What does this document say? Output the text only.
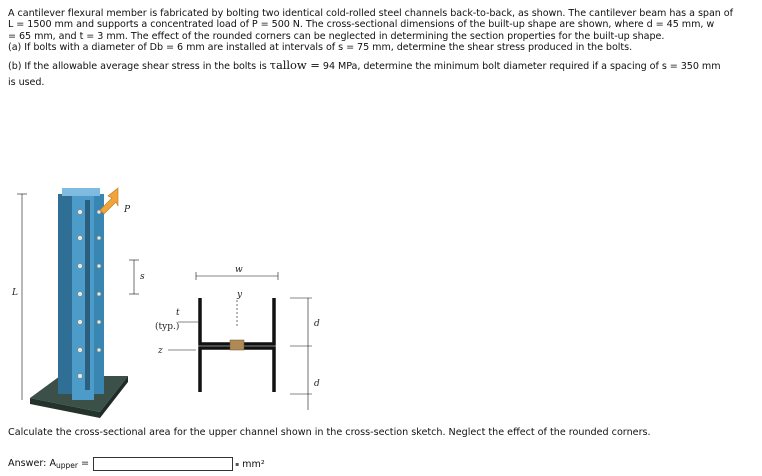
A cantilever flexural member is fabricated by bolting two identical cold-rolled steel channels back-to-back, as shown. The cantilever beam has a span of

L = 1500 mm and supports a concentrated load of P = 500 N. The cross-sectional dimensions of the built-up shape are shown, where d = 45 mm, w

= 65 mm, and t = 3 mm. The effect of the rounded corners can be neglected in determining the section properties for the built-up shape.

(a) If bolts with a diameter of Db = 6 mm are installed at intervals of s = 75 mm, determine the shear stress produced in the bolts.

(b) If the allowable average shear stress in the bolts is τallow = 94 MPa, determine the minimum bolt diameter required if a spacing of s = 350 mm

is used.

P
s
L
w
y
t
(typ.)
z
d
d
Calculate the cross-sectional area for the upper channel shown in the cross-section sketch. Neglect the effect of the rounded corners.
Answer: $A_{upper}$ =	▪ mm²
